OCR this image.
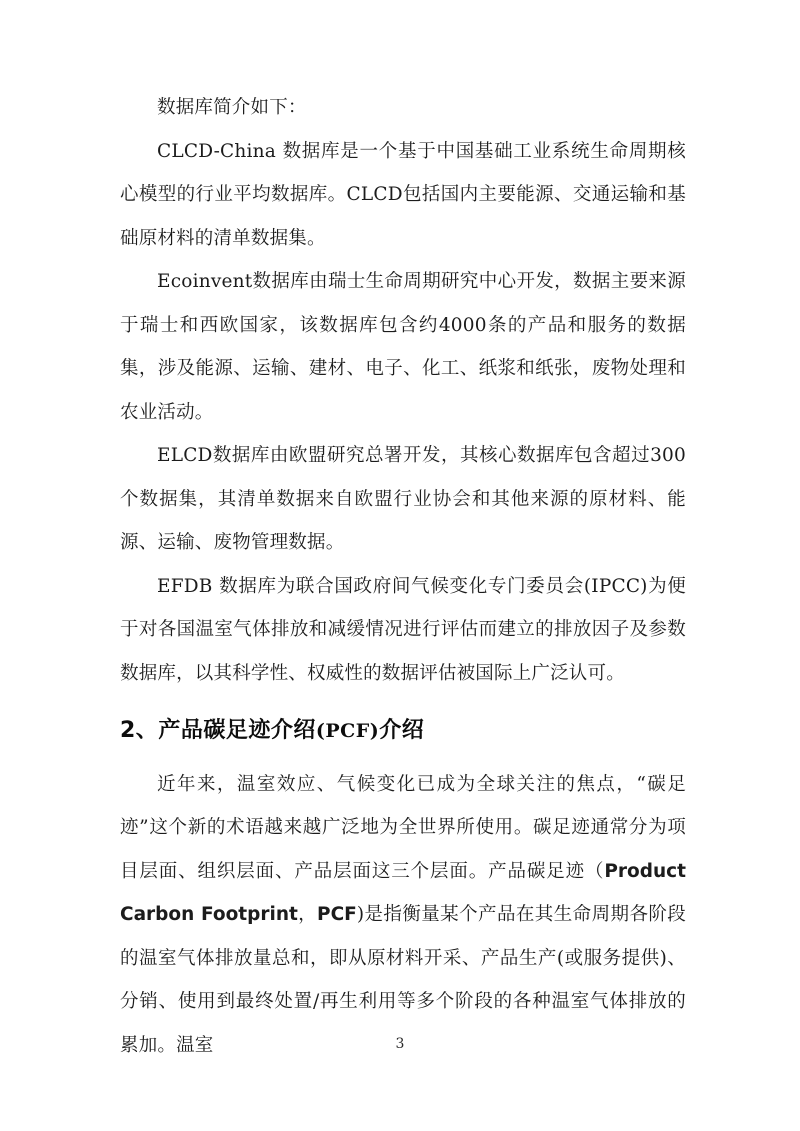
数据库简介如下：

CLCD-China 数据库是一个基于中国基础工业系统生命周期核心模型的行业平均数据库。CLCD包括国内主要能源、交通运输和基础原材料的清单数据集。

Ecoinvent数据库由瑞士生命周期研究中心开发，数据主要来源于瑞士和西欧国家，该数据库包含约4000条的产品和服务的数据集，涉及能源、运输、建材、电子、化工、纸浆和纸张，废物处理和农业活动。

ELCD数据库由欧盟研究总署开发，其核心数据库包含超过300个数据集，其清单数据来自欧盟行业协会和其他来源的原材料、能源、运输、废物管理数据。

EFDB 数据库为联合国政府间气候变化专门委员会(IPCC)为便于对各国温室气体排放和减缓情况进行评估而建立的排放因子及参数数据库，以其科学性、权威性的数据评估被国际上广泛认可。

2、产品碳足迹介绍(PCF)介绍

近年来，温室效应、气候变化已成为全球关注的焦点，“碳足迹”这个新的术语越来越广泛地为全世界所使用。碳足迹通常分为项目层面、组织层面、产品层面这三个层面。产品碳足迹（Product Carbon Footprint，PCF)是指衡量某个产品在其生命周期各阶段的温室气体排放量总和，即从原材料开采、产品生产(或服务提供)、分销、使用到最终处置/再生利用等多个阶段的各种温室气体排放的累加。温室	3
